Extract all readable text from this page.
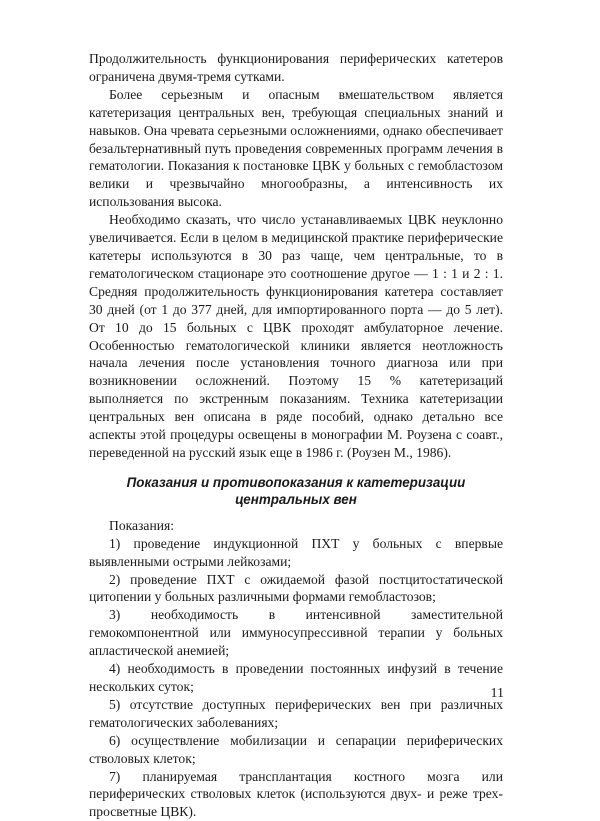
Продолжительность функционирования периферических катетеров ограничена двумя-тремя сутками.

Более серьезным и опасным вмешательством является катетеризация центральных вен, требующая специальных знаний и навыков. Она чревата серьезными осложнениями, однако обеспечивает безальтернативный путь проведения современных программ лечения в гематологии. Показания к постановке ЦВК у больных с гемобластозом велики и чрезвычайно многообразны, а интенсивность их использования высока.

Необходимо сказать, что число устанавливаемых ЦВК неуклонно увеличивается. Если в целом в медицинской практике периферические катетеры используются в 30 раз чаще, чем центральные, то в гематологическом стационаре это соотношение другое — 1 : 1 и 2 : 1. Средняя продолжительность функционирования катетера составляет 30 дней (от 1 до 377 дней, для импортированного порта — до 5 лет). От 10 до 15 больных с ЦВК проходят амбулаторное лечение. Особенностью гематологической клиники является неотложность начала лечения после установления точного диагноза или при возникновении осложнений. Поэтому 15 % катетеризаций выполняется по экстренным показаниям. Техника катетеризации центральных вен описана в ряде пособий, однако детально все аспекты этой процедуры освещены в монографии М. Роузена с соавт., переведенной на русский язык еще в 1986 г. (Роузен М., 1986).

Показания и противопоказания к катетеризации
центральных вен

Показания:

1) проведение индукционной ПХТ у больных с впервые выявленными острыми лейкозами;

2) проведение ПХТ с ожидаемой фазой постцитостатической цитопении у больных различными формами гемобластозов;

3) необходимость в интенсивной заместительной гемокомпонентной или иммуносупрессивной терапии у больных апластической анемией;

4) необходимость в проведении постоянных инфузий в течение нескольких суток;

5) отсутствие доступных периферических вен при различных гематологических заболеваниях;

6) осуществление мобилизации и сепарации периферических стволовых клеток;

7) планируемая трансплантация костного мозга или периферических стволовых клеток (используются двух- и реже трех-просветные ЦВК).

11
